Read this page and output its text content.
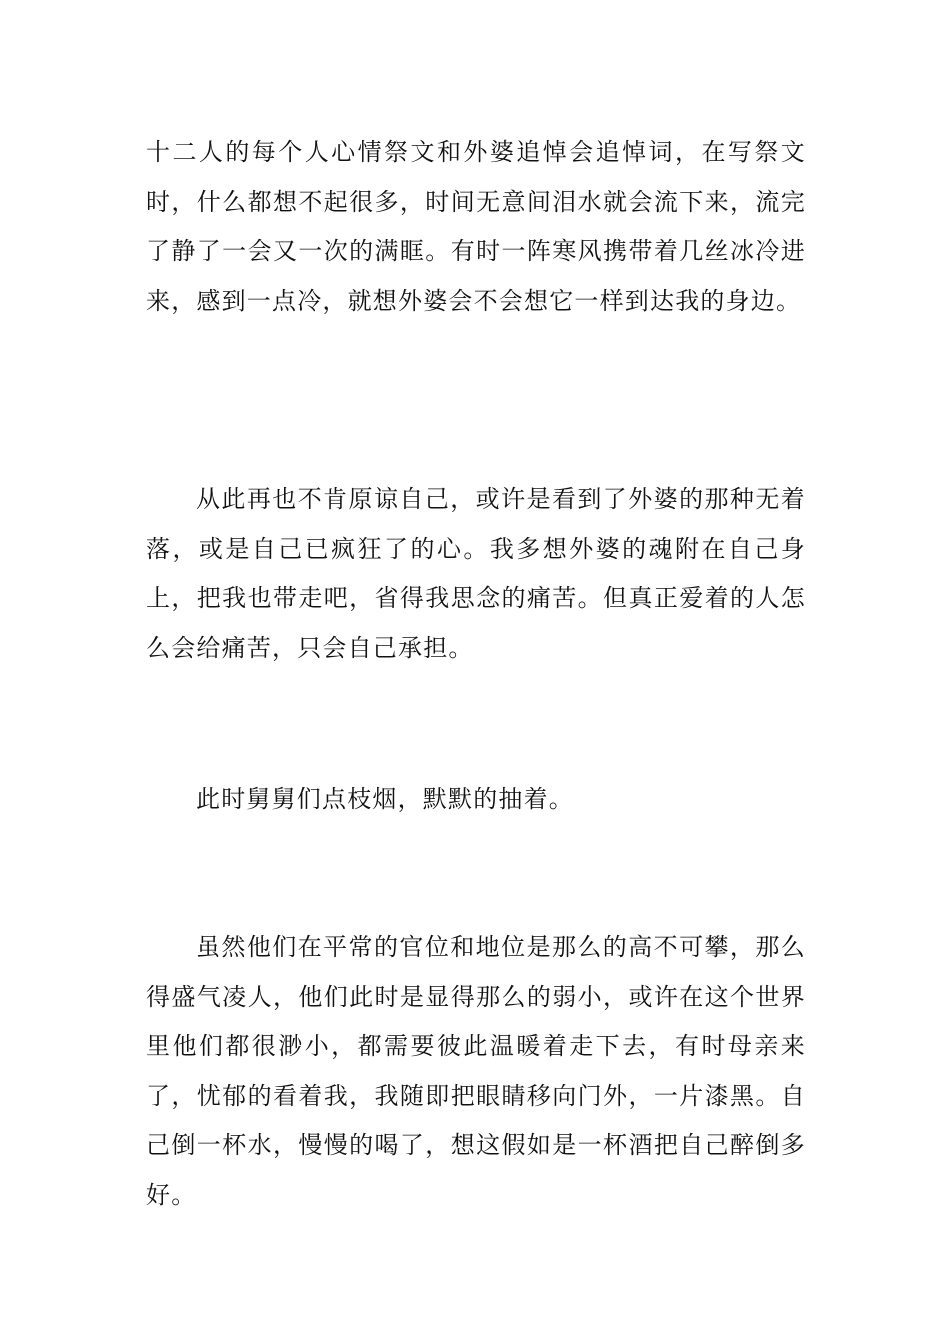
十二人的每个人心情祭文和外婆追悼会追悼词，在写祭文时，什么都想不起很多，时间无意间泪水就会流下来，流完了静了一会又一次的满眶。有时一阵寒风携带着几丝冰冷进来，感到一点冷，就想外婆会不会想它一样到达我的身边。

从此再也不肯原谅自己，或许是看到了外婆的那种无着落，或是自己已疯狂了的心。我多想外婆的魂附在自己身上，把我也带走吧，省得我思念的痛苦。但真正爱着的人怎么会给痛苦，只会自己承担。

此时舅舅们点枝烟，默默的抽着。

虽然他们在平常的官位和地位是那么的高不可攀，那么得盛气凌人，他们此时是显得那么的弱小，或许在这个世界里他们都很渺小，都需要彼此温暖着走下去，有时母亲来了，忧郁的看着我，我随即把眼睛移向门外，一片漆黑。自己倒一杯水，慢慢的喝了，想这假如是一杯酒把自己醉倒多好。
